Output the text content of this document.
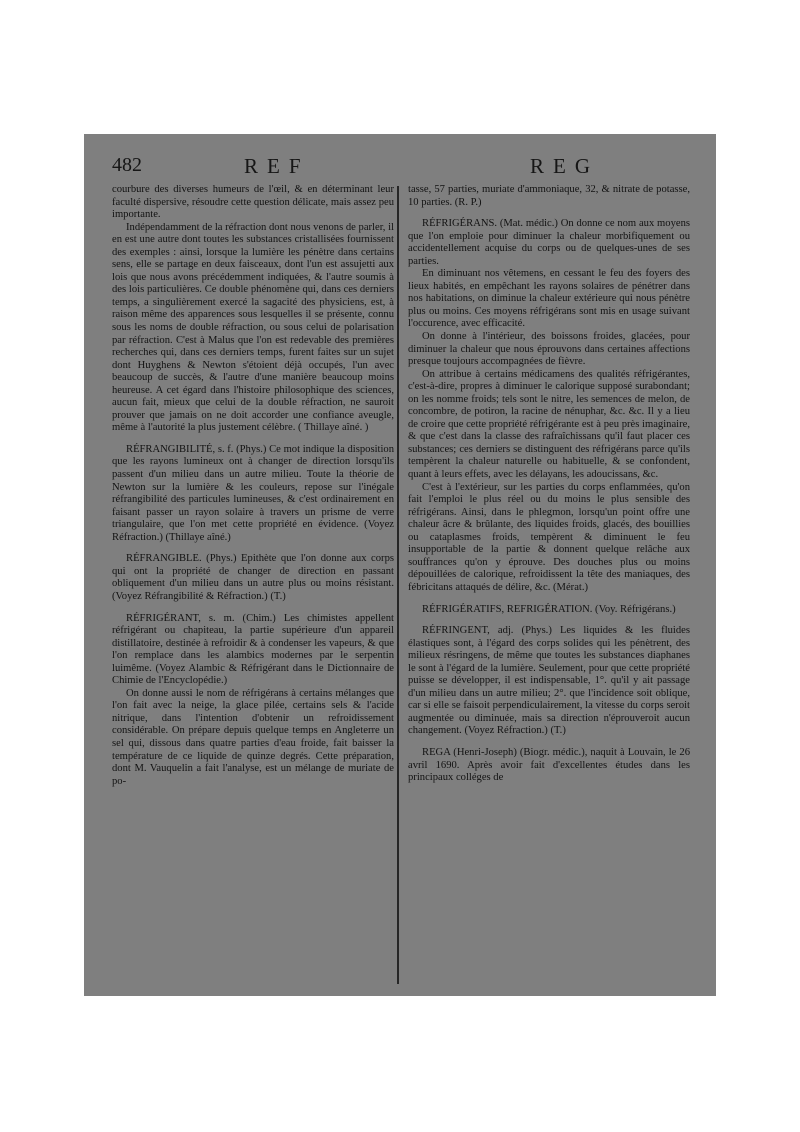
482	REF	REG

courbure des diverses humeurs de l'œil, & en déterminant leur faculté dispersive, résoudre cette question délicate, mais assez peu importante.

Indépendamment de la réfraction dont nous venons de parler, il en est une autre dont toutes les substances cristallisées fournissent des exemples : ainsi, lorsque la lumière les pénètre dans certains sens, elle se partage en deux faisceaux, dont l'un est assujetti aux lois que nous avons précédemment indiquées, & l'autre soumis à des lois particulières. Ce double phénomène qui, dans ces derniers temps, a singulièrement exercé la sagacité des physiciens, est, à raison même des apparences sous lesquelles il se présente, connu sous les noms de double réfraction, ou sous celui de polarisation par réfraction. C'est à Malus que l'on est redevable des premières recherches qui, dans ces derniers temps, furent faites sur un sujet dont Huyghens & Newton s'étoient déjà occupés, l'un avec beaucoup de succès, & l'autre d'une manière beaucoup moins heureuse. A cet égard dans l'histoire philosophique des sciences, aucun fait, mieux que celui de la double réfraction, ne sauroit prouver que jamais on ne doit accorder une confiance aveugle, même à l'autorité la plus justement célèbre. ( Thillaye aîné. )

RÉFRANGIBILITÉ, s. f. (Phys.) Ce mot indique la disposition que les rayons lumineux ont à changer de direction lorsqu'ils passent d'un milieu dans un autre milieu. Toute la théorie de Newton sur la lumière & les couleurs, repose sur l'inégale réfrangibilité des particules lumineuses, & c'est ordinairement en faisant passer un rayon solaire à travers un prisme de verre triangulaire, que l'on met cette propriété en évidence. (Voyez Réfraction.) (Thillaye aîné.)

RÉFRANGIBLE. (Phys.) Epithète que l'on donne aux corps qui ont la propriété de changer de direction en passant obliquement d'un milieu dans un autre plus ou moins résistant. (Voyez Réfrangibilité & Réfraction.) (T.)

RÉFRIGÉRANT, s. m. (Chim.) Les chimistes appellent réfrigérant ou chapiteau, la partie supérieure d'un appareil distillatoire, destinée à refroidir & à condenser les vapeurs, & que l'on remplace dans les alambics modernes par le serpentin luimême. (Voyez Alambic & Réfrigérant dans le Dictionnaire de Chimie de l'Encyclopédie.)

On donne aussi le nom de réfrigérans à certains mélanges que l'on fait avec la neige, la glace pilée, certains sels & l'acide nitrique, dans l'intention d'obtenir un refroidissement considérable. On prépare depuis quelque temps en Angleterre un sel qui, dissous dans quatre parties d'eau froide, fait baisser la température de ce liquide de quinze degrés. Cette préparation, dont M. Vauquelin a fait l'analyse, est un mélange de muriate de po-

tasse, 57 parties, muriate d'ammoniaque, 32, & nitrate de potasse, 10 parties. (R. P.)

RÉFRIGÉRANS. (Mat. médic.) On donne ce nom aux moyens que l'on emploie pour diminuer la chaleur morbifiquement ou accidentellement acquise du corps ou de quelques-unes de ses parties.

En diminuant nos vêtemens, en cessant le feu des foyers des lieux habités, en empêchant les rayons solaires de pénétrer dans nos habitations, on diminue la chaleur extérieure qui nous pénètre plus ou moins. Ces moyens réfrigérans sont mis en usage suivant l'occurence, avec efficacité.

On donne à l'intérieur, des boissons froides, glacées, pour diminuer la chaleur que nous éprouvons dans certaines affections presque toujours accompagnées de fièvre.

On attribue à certains médicamens des qualités réfrigérantes, c'est-à-dire, propres à diminuer le calorique supposé surabondant; on les nomme froids; tels sont le nitre, les semences de melon, de concombre, de potiron, la racine de nénuphar, &c. &c. Il y a lieu de croire que cette propriété réfrigérante est à peu près imaginaire, & que c'est dans la classe des rafraîchissans qu'il faut placer ces substances; ces derniers se distinguent des réfrigérans parce qu'ils tempèrent la chaleur naturelle ou habituelle, & se confondent, quant à leurs effets, avec les délayans, les adoucissans, &c.

C'est à l'extérieur, sur les parties du corps enflammées, qu'on fait l'emploi le plus réel ou du moins le plus sensible des réfrigérans. Ainsi, dans le phlegmon, lorsqu'un point offre une chaleur âcre & brûlante, des liquides froids, glacés, des bouillies ou cataplasmes froids, tempèrent & diminuent le feu insupportable de la partie & donnent quelque relâche aux souffrances qu'on y éprouve. Des douches plus ou moins dépouillées de calorique, refroidissent la tête des maniaques, des fébricitans attaqués de délire, &c. (Mérat.)

RÉFRIGÉRATIFS, REFRIGÉRATION. (Voy. Réfrigérans.)

RÉFRINGENT, adj. (Phys.) Les liquides & les fluides élastiques sont, à l'égard des corps solides qui les pénètrent, des milieux résringens, de même que toutes les substances diaphanes le sont à l'égard de la lumière. Seulement, pour que cette propriété puisse se développer, il est indispensable, 1°. qu'il y ait passage d'un milieu dans un autre milieu; 2°. que l'incidence soit oblique, car si elle se faisoit perpendiculairement, la vitesse du corps seroit augmentée ou diminuée, mais sa direction n'éprouveroit aucun changement. (Voyez Réfraction.) (T.)

REGA (Henri-Joseph) (Biogr. médic.), naquit à Louvain, le 26 avril 1690. Après avoir fait d'excellentes études dans les principaux colléges de
